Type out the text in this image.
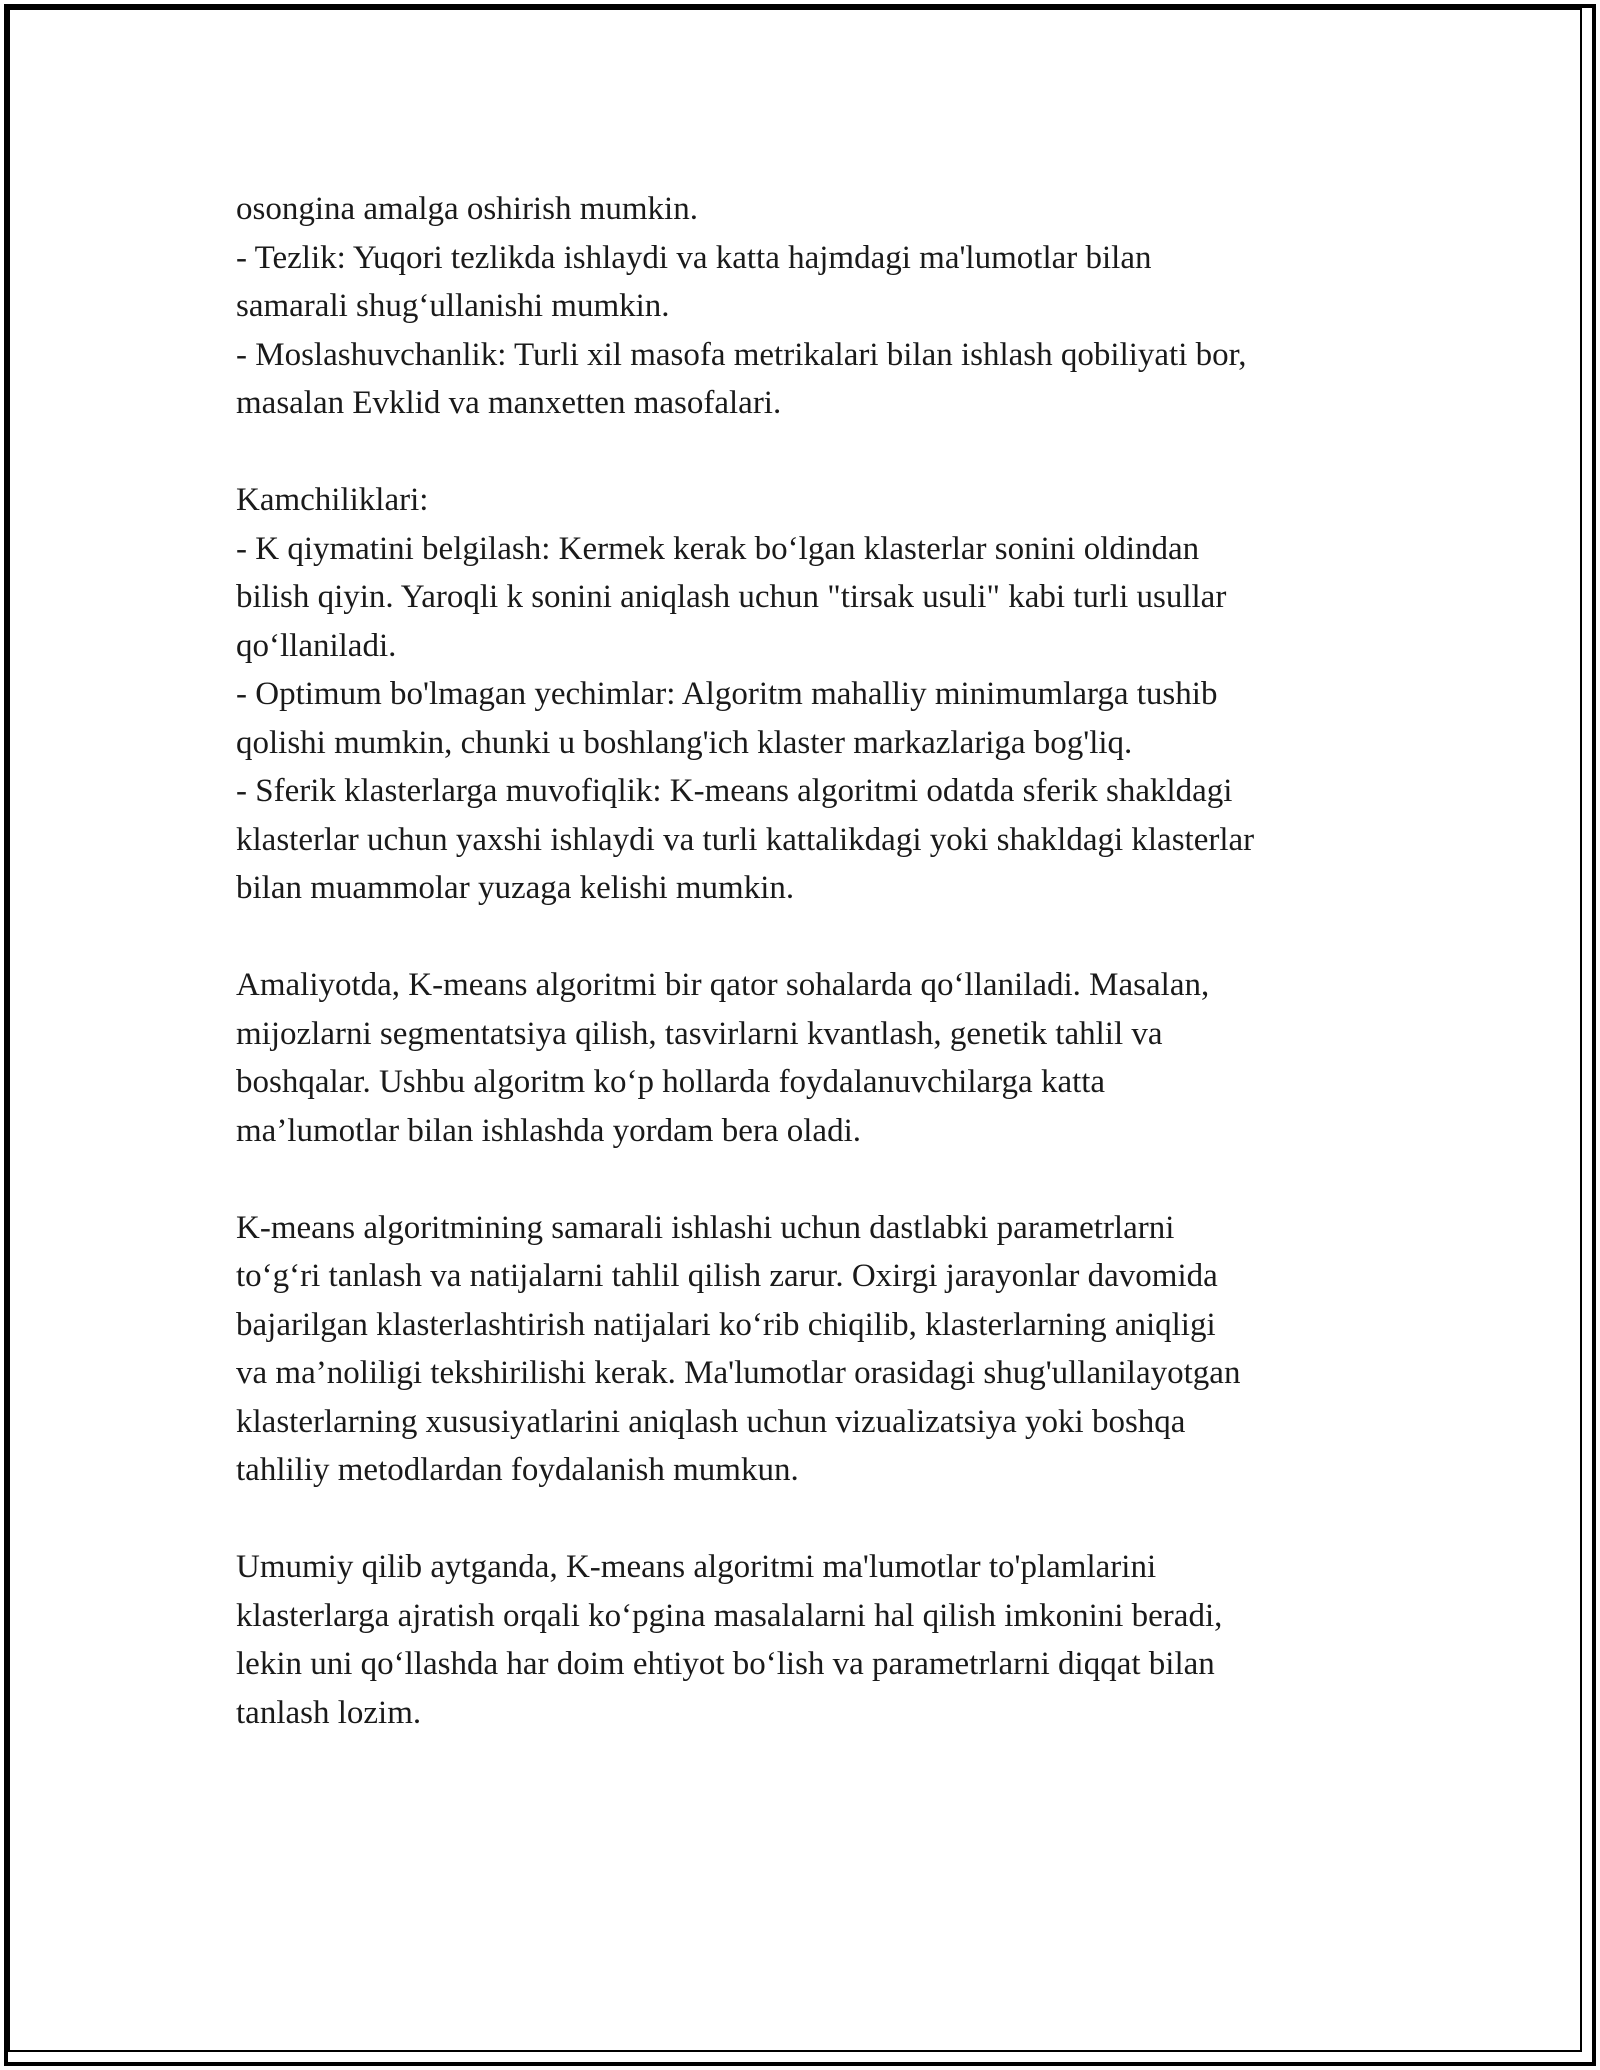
osongina amalga oshirish mumkin.

- Tezlik: Yuqori tezlikda ishlaydi va katta hajmdagi ma'lumotlar bilan

samarali shug‘ullanishi mumkin.

- Moslashuvchanlik: Turli xil masofa metrikalari bilan ishlash qobiliyati bor,

masalan Evklid va manxetten masofalari.

Kamchiliklari:

- K qiymatini belgilash: Kermek kerak bo‘lgan klasterlar sonini oldindan

bilish qiyin. Yaroqli k sonini aniqlash uchun "tirsak usuli" kabi turli usullar

qo‘llaniladi.

- Optimum bo'lmagan yechimlar: Algoritm mahalliy minimumlarga tushib

qolishi mumkin, chunki u boshlang'ich klaster markazlariga bog'liq.

- Sferik klasterlarga muvofiqlik: K-means algoritmi odatda sferik shakldagi

klasterlar uchun yaxshi ishlaydi va turli kattalikdagi yoki shakldagi klasterlar

bilan muammolar yuzaga kelishi mumkin.

Amaliyotda, K-means algoritmi bir qator sohalarda qo‘llaniladi. Masalan,

mijozlarni segmentatsiya qilish, tasvirlarni kvantlash, genetik tahlil va

boshqalar. Ushbu algoritm ko‘p hollarda foydalanuvchilarga katta

ma’lumotlar bilan ishlashda yordam bera oladi.

K-means algoritmining samarali ishlashi uchun dastlabki parametrlarni

to‘g‘ri tanlash va natijalarni tahlil qilish zarur. Oxirgi jarayonlar davomida

bajarilgan klasterlashtirish natijalari ko‘rib chiqilib, klasterlarning aniqligi

va ma’noliligi tekshirilishi kerak. Ma'lumotlar orasidagi shug'ullanilayotgan

klasterlarning xususiyatlarini aniqlash uchun vizualizatsiya yoki boshqa

tahliliy metodlardan foydalanish mumkun.

Umumiy qilib aytganda, K-means algoritmi ma'lumotlar to'plamlarini

klasterlarga ajratish orqali ko‘pgina masalalarni hal qilish imkonini beradi,

lekin uni qo‘llashda har doim ehtiyot bo‘lish va parametrlarni diqqat bilan

tanlash lozim.
